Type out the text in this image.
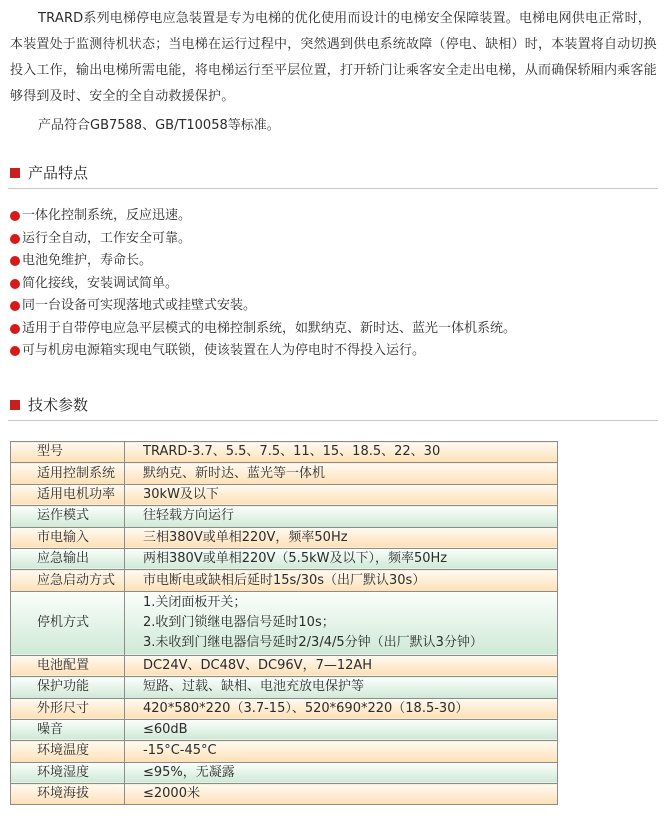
TRARD系列电梯停电应急装置是专为电梯的优化使用而设计的电梯安全保障装置。电梯电网供电正常时，本装置处于监测待机状态；当电梯在运行过程中，突然遇到供电系统故障（停电、缺相）时，本装置将自动切换投入工作，输出电梯所需电能，将电梯运行至平层位置，打开轿门让乘客安全走出电梯，从而确保轿厢内乘客能够得到及时、安全的全自动救援保护。

产品符合GB7588、GB/T10058等标准。
产品特点
一体化控制系统，反应迅速。
运行全自动，工作安全可靠。
电池免维护，寿命长。
简化接线，安装调试简单。
同一台设备可实现落地式或挂壁式安装。
适用于自带停电应急平层模式的电梯控制系统，如默纳克、新时达、蓝光一体机系统。
可与机房电源箱实现电气联锁，使该装置在人为停电时不得投入运行。
技术参数
型号	TRARD-3.7、5.5、7.5、11、15、18.5、22、30

适用控制系统	默纳克、新时达、蓝光等一体机

适用电机功率	30kW及以下

运作模式	往轻载方向运行

市电输入	三相380V或单相220V，频率50Hz

应急输出	两相380V或单相220V（5.5kW及以下），频率50Hz

应急启动方式	市电断电或缺相后延时15s/30s（出厂默认30s）

停机方式	1.关闭面板开关；
2.收到门锁继电器信号延时10s；
3.未收到门继电器信号延时2/3/4/5分钟（出厂默认3分钟）

电池配置	DC24V、DC48V、DC96V，7—12AH

保护功能	短路、过载、缺相、电池充放电保护等

外形尺寸	420*580*220（3.7-15）、520*690*220（18.5-30）

噪音	≤60dB

环境温度	-15°C-45°C

环境湿度	≤95%，无凝露

环境海拔	≤2000米
